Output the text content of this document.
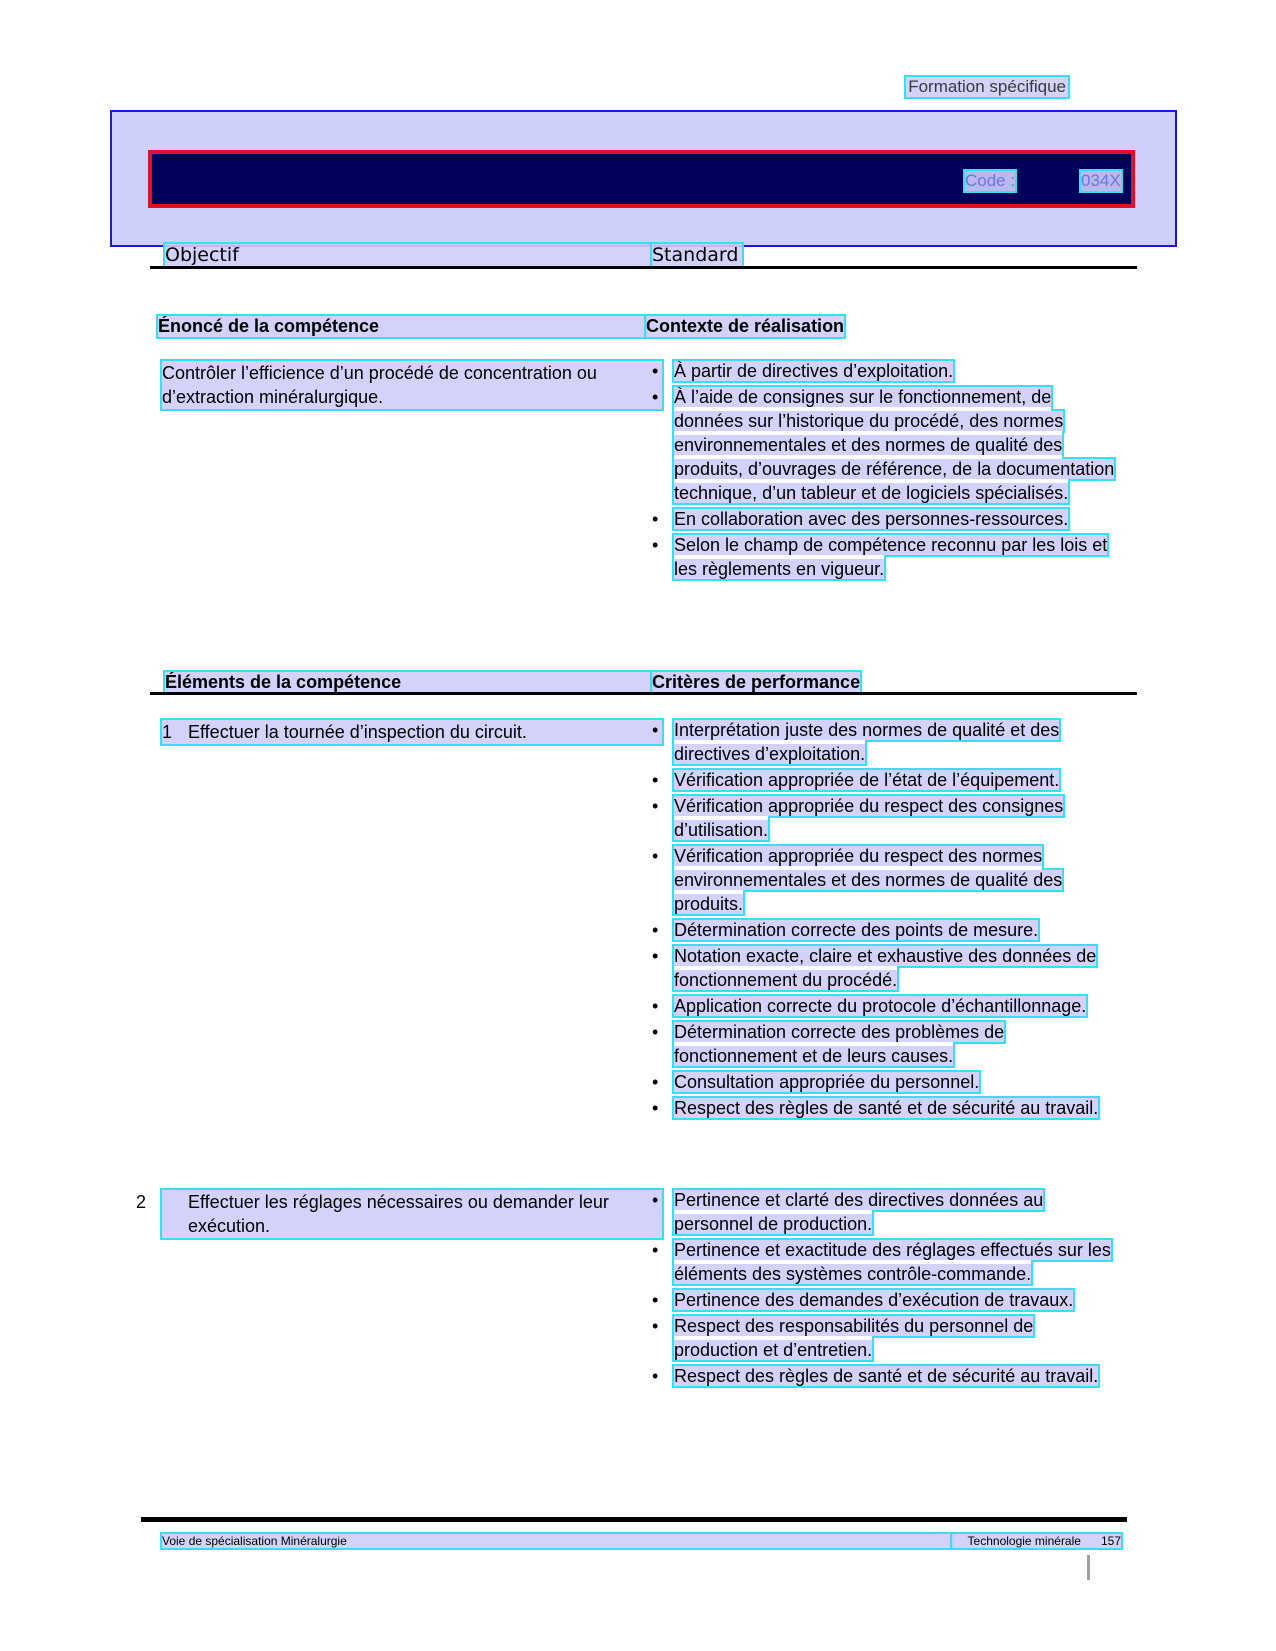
Formation spécifique
Code :	034X
Objectif	Standard
Énoncé de la compétence	Contexte de réalisation
Contrôler l’efficience d’un procédé de concentration ou d’extraction minéralurgique.
• À partir de directives d’exploitation.
• À l’aide de consignes sur le fonctionnement, de données sur l’historique du procédé, des normes environnementales et des normes de qualité des produits, d’ouvrages de référence, de la documentation technique, d’un tableur et de logiciels spécialisés.
• En collaboration avec des personnes-ressources.
• Selon le champ de compétence reconnu par les lois et les règlements en vigueur.
Éléments de la compétence	Critères de performance
1 Effectuer la tournée d’inspection du circuit.	• Interprétation juste des normes de qualité et des directives d’exploitation.
• Vérification appropriée de l’état de l’équipement.
• Vérification appropriée du respect des consignes d’utilisation.
• Vérification appropriée du respect des normes environnementales et des normes de qualité des produits.
• Détermination correcte des points de mesure.
• Notation exacte, claire et exhaustive des données de fonctionnement du procédé.
• Application correcte du protocole d’échantillonnage.
• Détermination correcte des problèmes de fonctionnement et de leurs causes.
• Consultation appropriée du personnel.
• Respect des règles de santé et de sécurité au travail.
2 Effectuer les réglages nécessaires ou demander leur exécution.
• Pertinence et clarté des directives données au personnel de production.
• Pertinence et exactitude des réglages effectués sur les éléments des systèmes contrôle-commande.
• Pertinence des demandes d’exécution de travaux.
• Respect des responsabilités du personnel de production et d’entretien.
• Respect des règles de santé et de sécurité au travail.
Voie de spécialisation Minéralurgie	Technologie minérale 157
